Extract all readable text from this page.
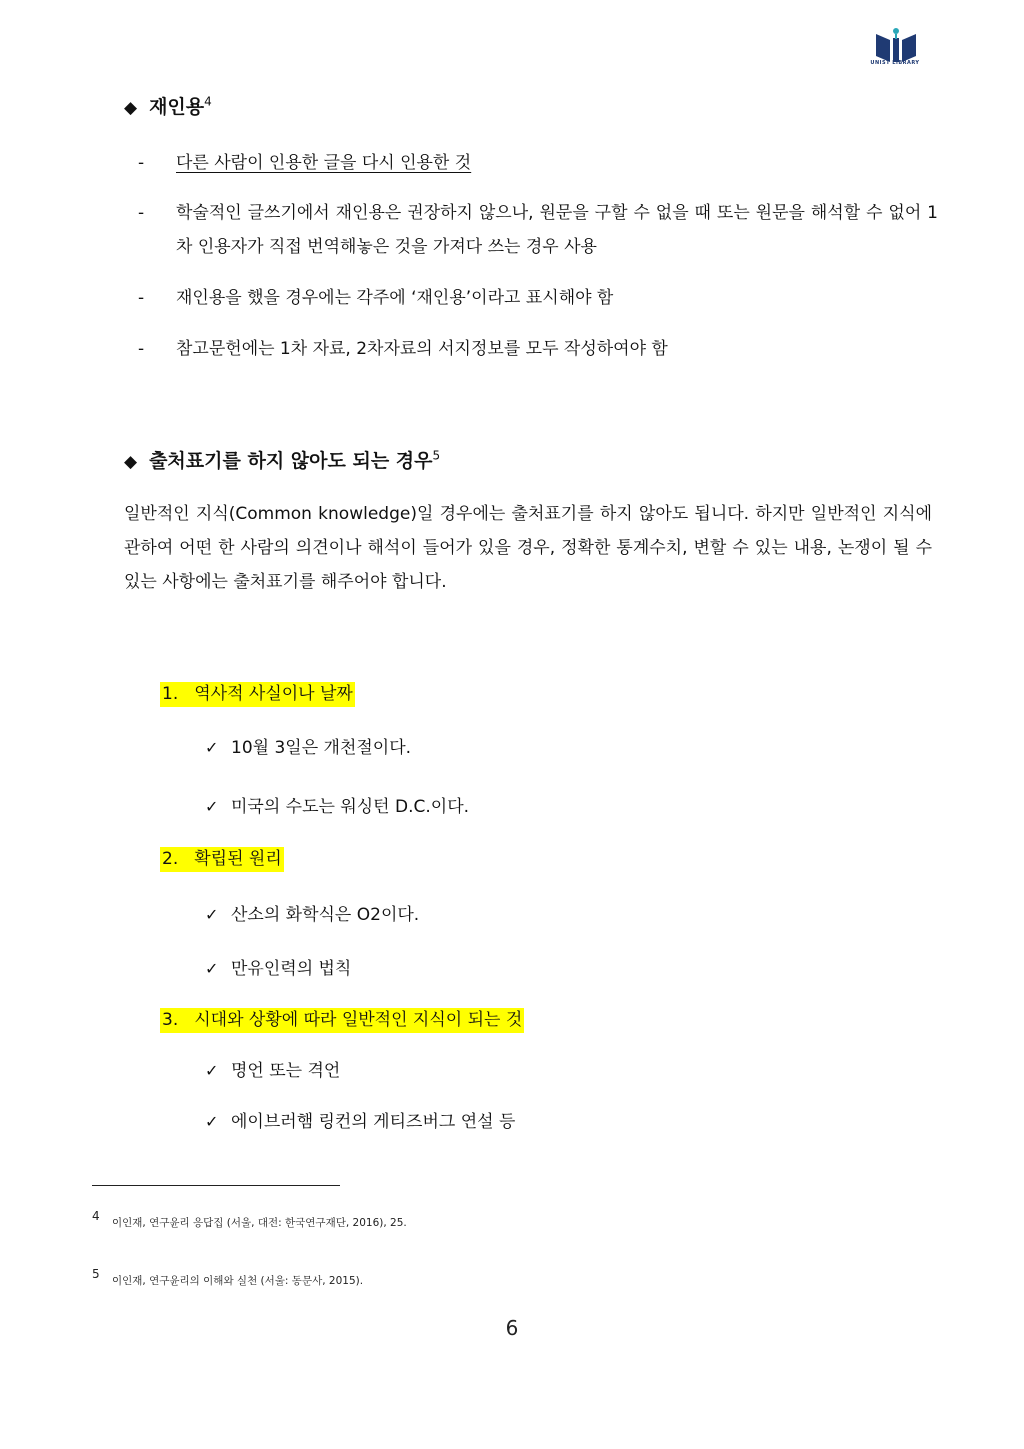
UNIST LIBRARY
◆ 재인용$^4$
-	다른 사람이 인용한 글을 다시 인용한 것
-	학술적인 글쓰기에서 재인용은 권장하지 않으나, 원문을 구할 수 없을 때 또는 원문을 해석할 수 없어 1차 인용자가 직접 번역해놓은 것을 가져다 쓰는 경우 사용
-	재인용을 했을 경우에는 각주에 ‘재인용’이라고 표시해야 함
-	참고문헌에는 1차 자료, 2차자료의 서지정보를 모두 작성하여야 함
◆ 출처표기를 하지 않아도 되는 경우$^5$
일반적인 지식(Common knowledge)일 경우에는 출처표기를 하지 않아도 됩니다. 하지만 일반적인 지식에 관하여 어떤 한 사람의 의견이나 해석이 들어가 있을 경우, 정확한 통계수치, 변할 수 있는 내용, 논쟁이 될 수 있는 사항에는 출처표기를 해주어야 합니다.
1. 역사적 사실이나 날짜
✓ 10월 3일은 개천절이다.
✓ 미국의 수도는 워싱턴 D.C.이다.
2. 확립된 원리
✓ 산소의 화학식은 O2이다.
✓ 만유인력의 법칙
3. 시대와 상황에 따라 일반적인 지식이 되는 것
✓ 명언 또는 격언
✓ 에이브러햄 링컨의 게티즈버그 연설 등
4 이인재, 연구윤리 응답집 (서울, 대전: 한국연구재단, 2016), 25.
5 이인재, 연구윤리의 이해와 실천 (서울: 동문사, 2015).
6
